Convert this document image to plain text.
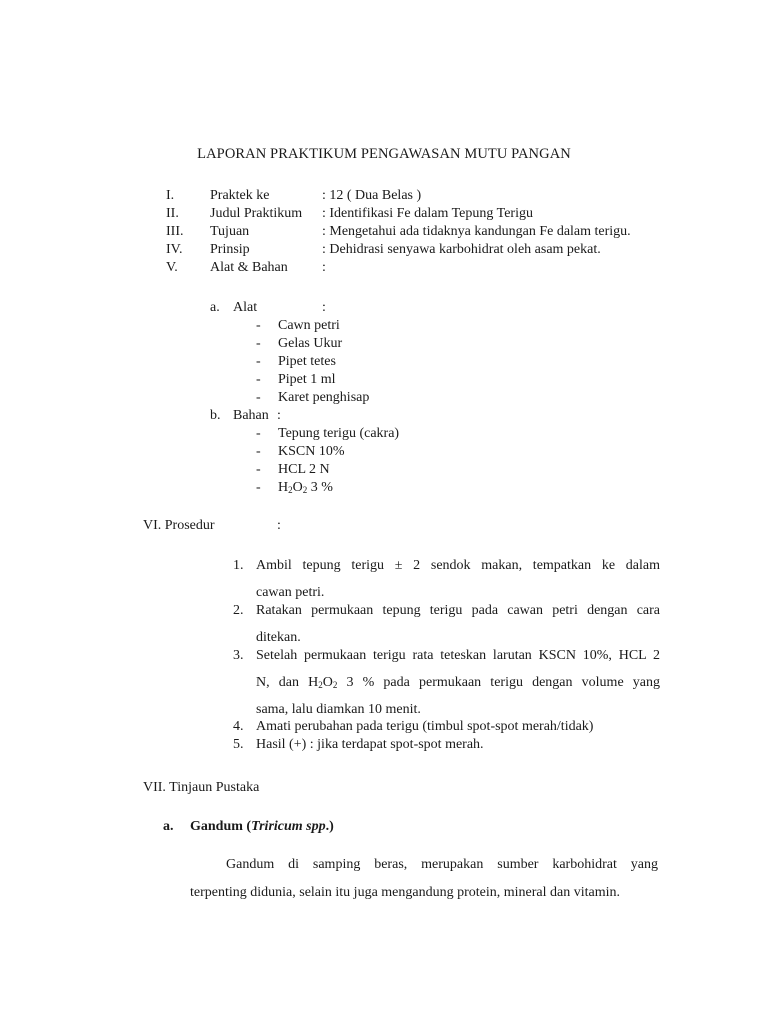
LAPORAN PRAKTIKUM PENGAWASAN MUTU PANGAN
I.	Praktek ke	: 12 ( Dua Belas )
II. Judul Praktikum : Identifikasi Fe dalam Tepung Terigu
III. Tujuan	: Mengetahui ada tidaknya kandungan Fe dalam terigu.
IV. Prinsip	: Dehidrasi senyawa karbohidrat oleh asam pekat.
V. Alat & Bahan :
a. Alat	:
- Cawn petri
- Gelas Ukur
- Pipet tetes
- Pipet 1 ml
- Karet penghisap
b. Bahan :
- Tepung terigu (cakra)
- KSCN 10%
- HCL 2 N
- $H_2O_2$ 3 %
VI. Prosedur	:
1. Ambil tepung terigu ± 2 sendok makan, tempatkan ke dalam
cawan petri.
2. Ratakan permukaan tepung terigu pada cawan petri dengan cara
ditekan.
3. Setelah permukaan terigu rata teteskan larutan KSCN 10%, HCL 2
N, dan $H_2O_2$ 3 % pada permukaan terigu dengan volume yang
sama, lalu diamkan 10 menit.
4. Amati perubahan pada terigu (timbul spot-spot merah/tidak)
5. Hasil (+) : jika terdapat spot-spot merah.
VII. Tinjaun Pustaka
a. Gandum (Triricum spp.)
Gandum di samping beras, merupakan sumber karbohidrat yang
terpenting didunia, selain itu juga mengandung protein, mineral dan vitamin.
